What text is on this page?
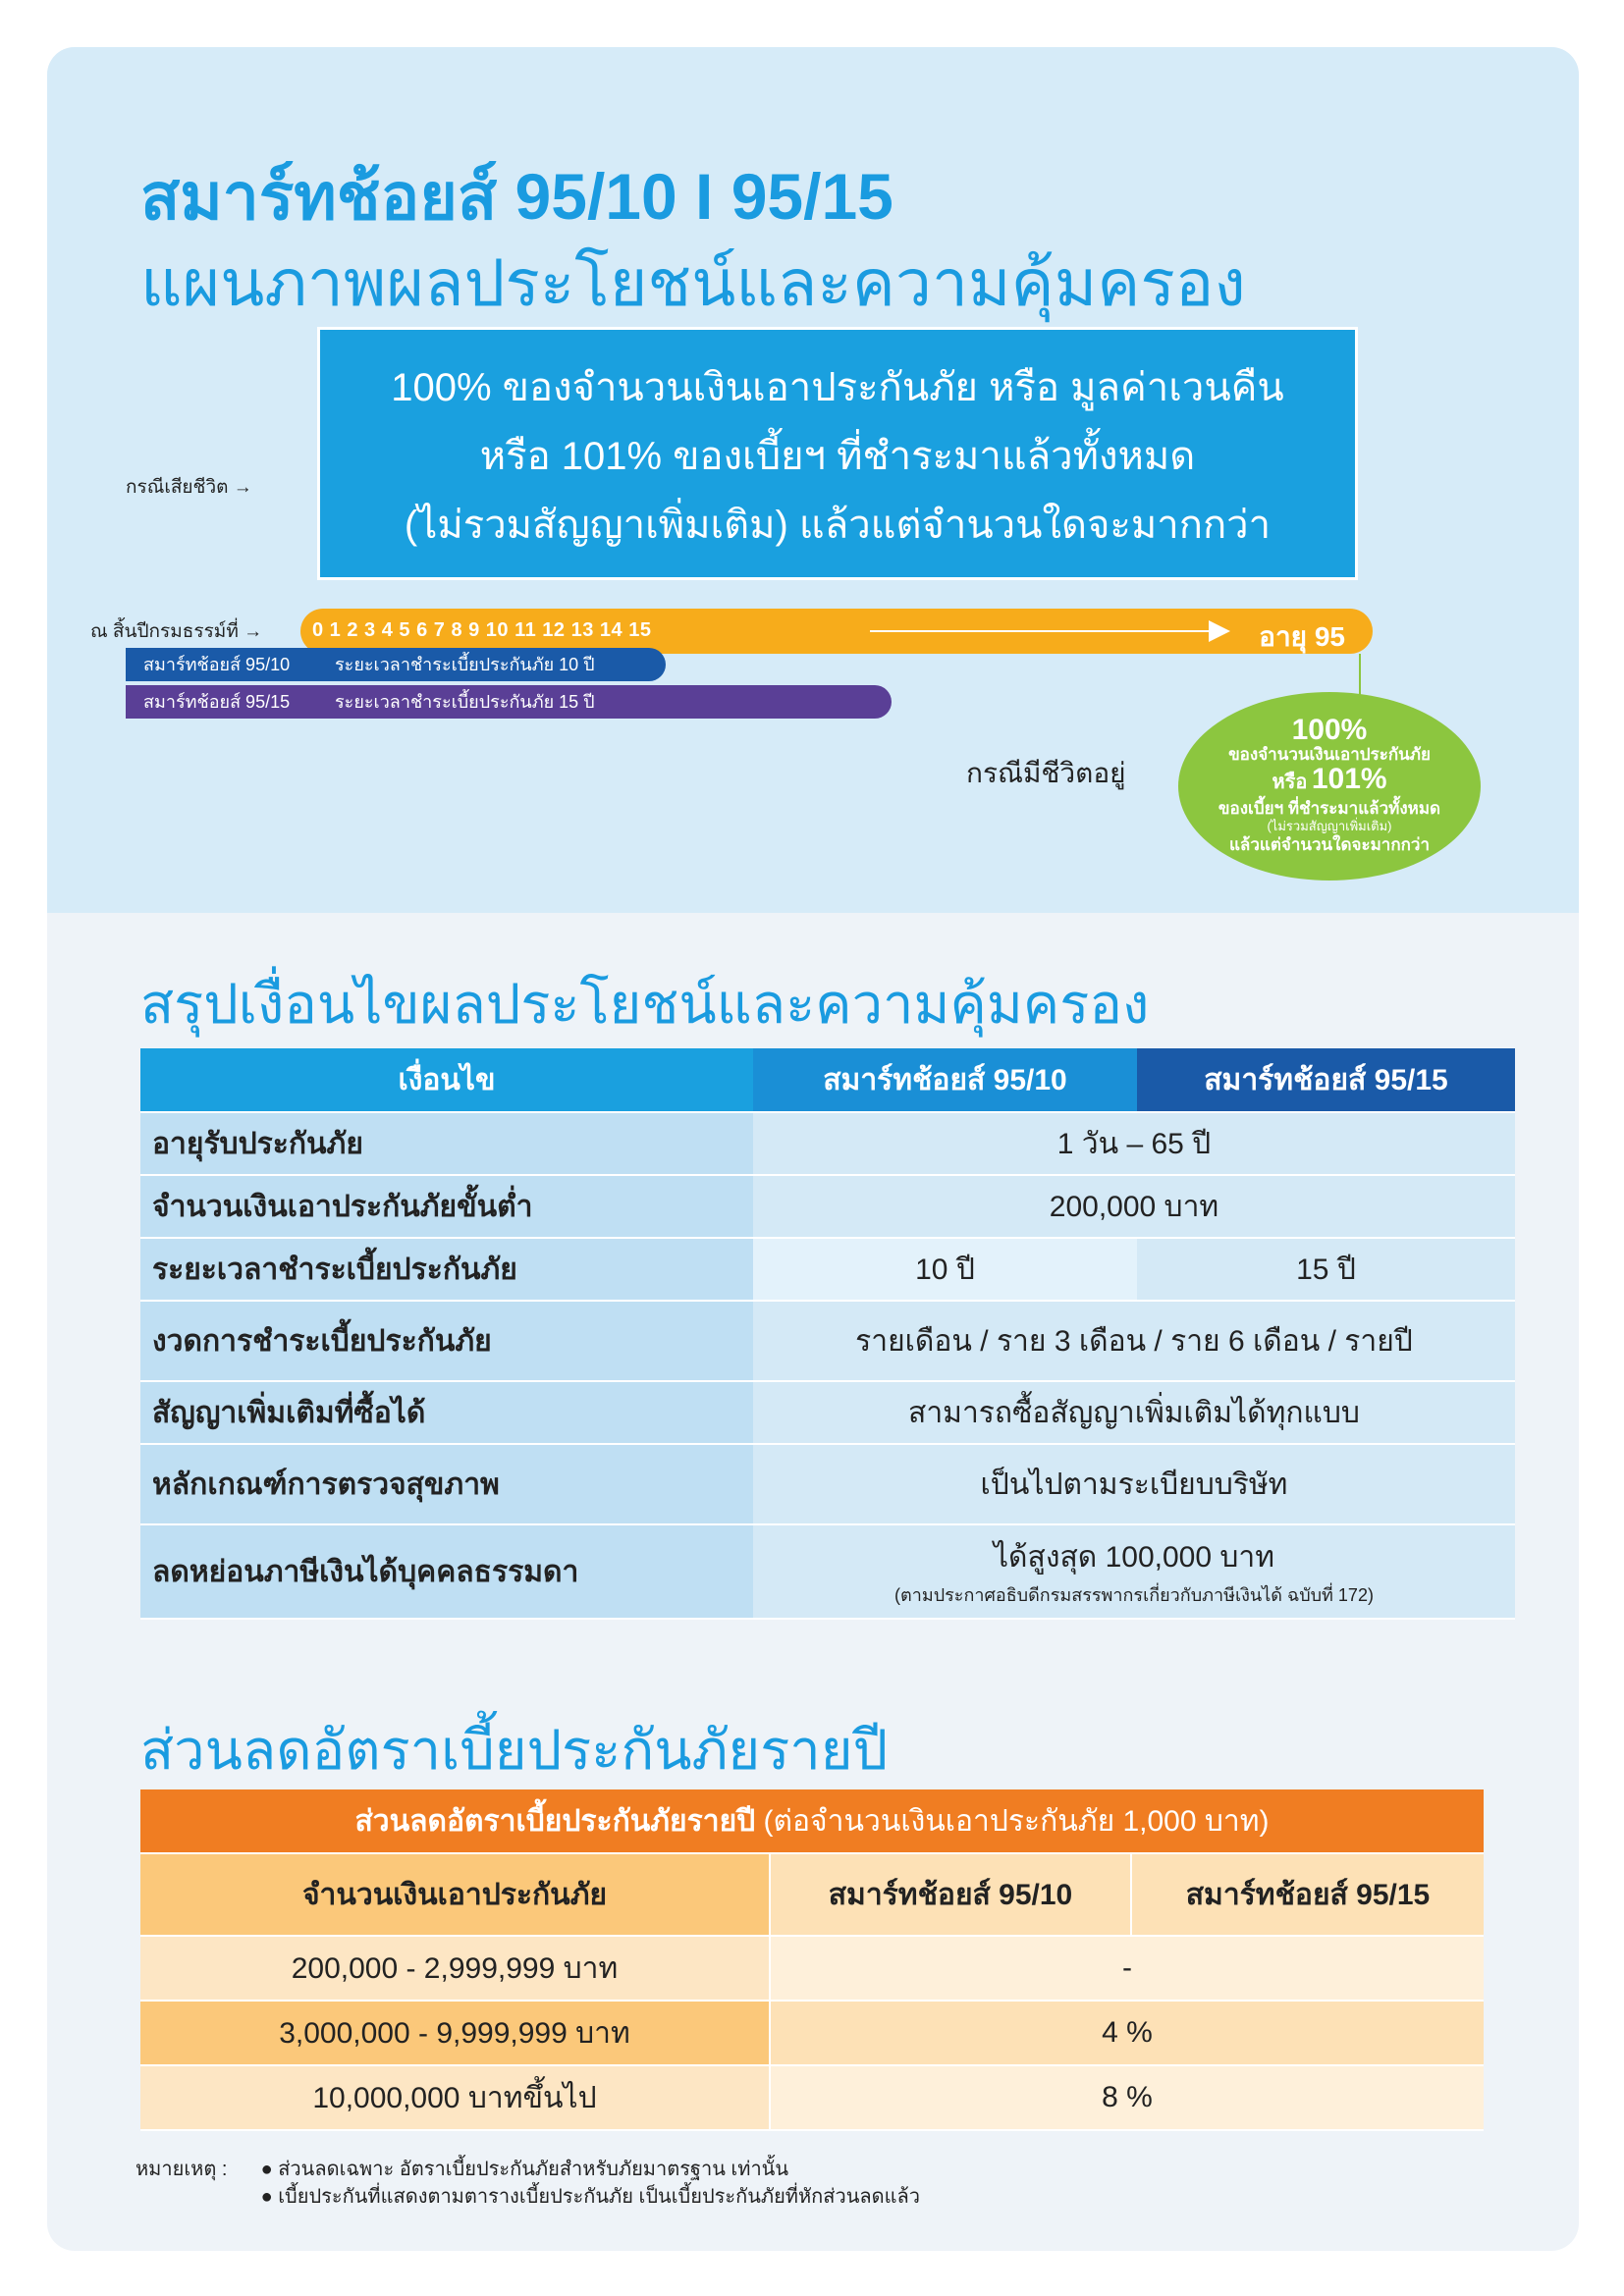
สมาร์ทช้อยส์ 95/10 I 95/15
แผนภาพผลประโยชน์และความคุ้มครอง
กรณีเสียชีวิต →
100% ของจำนวนเงินเอาประกันภัย หรือ มูลค่าเวนคืน
หรือ 101% ของเบี้ยฯ ที่ชำระมาแล้วทั้งหมด
(ไม่รวมสัญญาเพิ่มเติม) แล้วแต่จำนวนใดจะมากกว่า
ณ สิ้นปีกรมธรรม์ที่ →	0 1 2 3 4 5 6 7 8 9 10 11 12 13 14 15	อายุ 95
สมาร์ทช้อยส์ 95/10	ระยะเวลาชำระเบี้ยประกันภัย 10 ปี
สมาร์ทช้อยส์ 95/15	ระยะเวลาชำระเบี้ยประกันภัย 15 ปี
กรณีมีชีวิตอยู่
100%
ของจำนวนเงินเอาประกันภัย
หรือ 101%
ของเบี้ยฯ ที่ชำระมาแล้วทั้งหมด
(ไม่รวมสัญญาเพิ่มเติม)
แล้วแต่จำนวนใดจะมากกว่า
สรุปเงื่อนไขผลประโยชน์และความคุ้มครอง
เงื่อนไข	สมาร์ทช้อยส์ 95/10	สมาร์ทช้อยส์ 95/15
อายุรับประกันภัย	1 วัน – 65 ปี	
จำนวนเงินเอาประกันภัยขั้นต่ำ	200,000 บาท	
ระยะเวลาชำระเบี้ยประกันภัย	10 ปี	15 ปี
งวดการชำระเบี้ยประกันภัย	รายเดือน / ราย 3 เดือน / ราย 6 เดือน / รายปี	
สัญญาเพิ่มเติมที่ซื้อได้	สามารถซื้อสัญญาเพิ่มเติมได้ทุกแบบ	
หลักเกณฑ์การตรวจสุขภาพ	เป็นไปตามระเบียบบริษัท	
ลดหย่อนภาษีเงินได้บุคคลธรรมดา	ได้สูงสุด 100,000 บาท
(ตามประกาศอธิบดีกรมสรรพากรเกี่ยวกับภาษีเงินได้ ฉบับที่ 172)	
ส่วนลดอัตราเบี้ยประกันภัยรายปี
ส่วนลดอัตราเบี้ยประกันภัยรายปี (ต่อจำนวนเงินเอาประกันภัย 1,000 บาท)		
จำนวนเงินเอาประกันภัย	สมาร์ทช้อยส์ 95/10	สมาร์ทช้อยส์ 95/15
200,000 - 2,999,999 บาท	-	
3,000,000 - 9,999,999 บาท	4 %	
10,000,000 บาทขึ้นไป	8 %	
หมายเหตุ : ● ส่วนลดเฉพาะ อัตราเบี้ยประกันภัยสำหรับภัยมาตรฐาน เท่านั้น
● เบี้ยประกันที่แสดงตามตารางเบี้ยประกันภัย เป็นเบี้ยประกันภัยที่หักส่วนลดแล้ว
